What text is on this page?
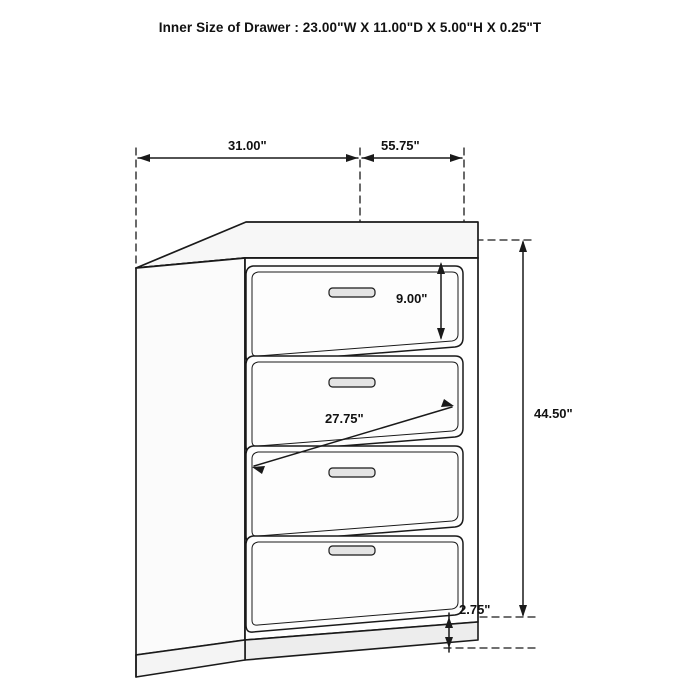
Inner Size of Drawer : 23.00"W X 11.00"D X 5.00"H X 0.25"T
31.00"	55.75"
9.00"
27.75"	44.50"
2.75"
